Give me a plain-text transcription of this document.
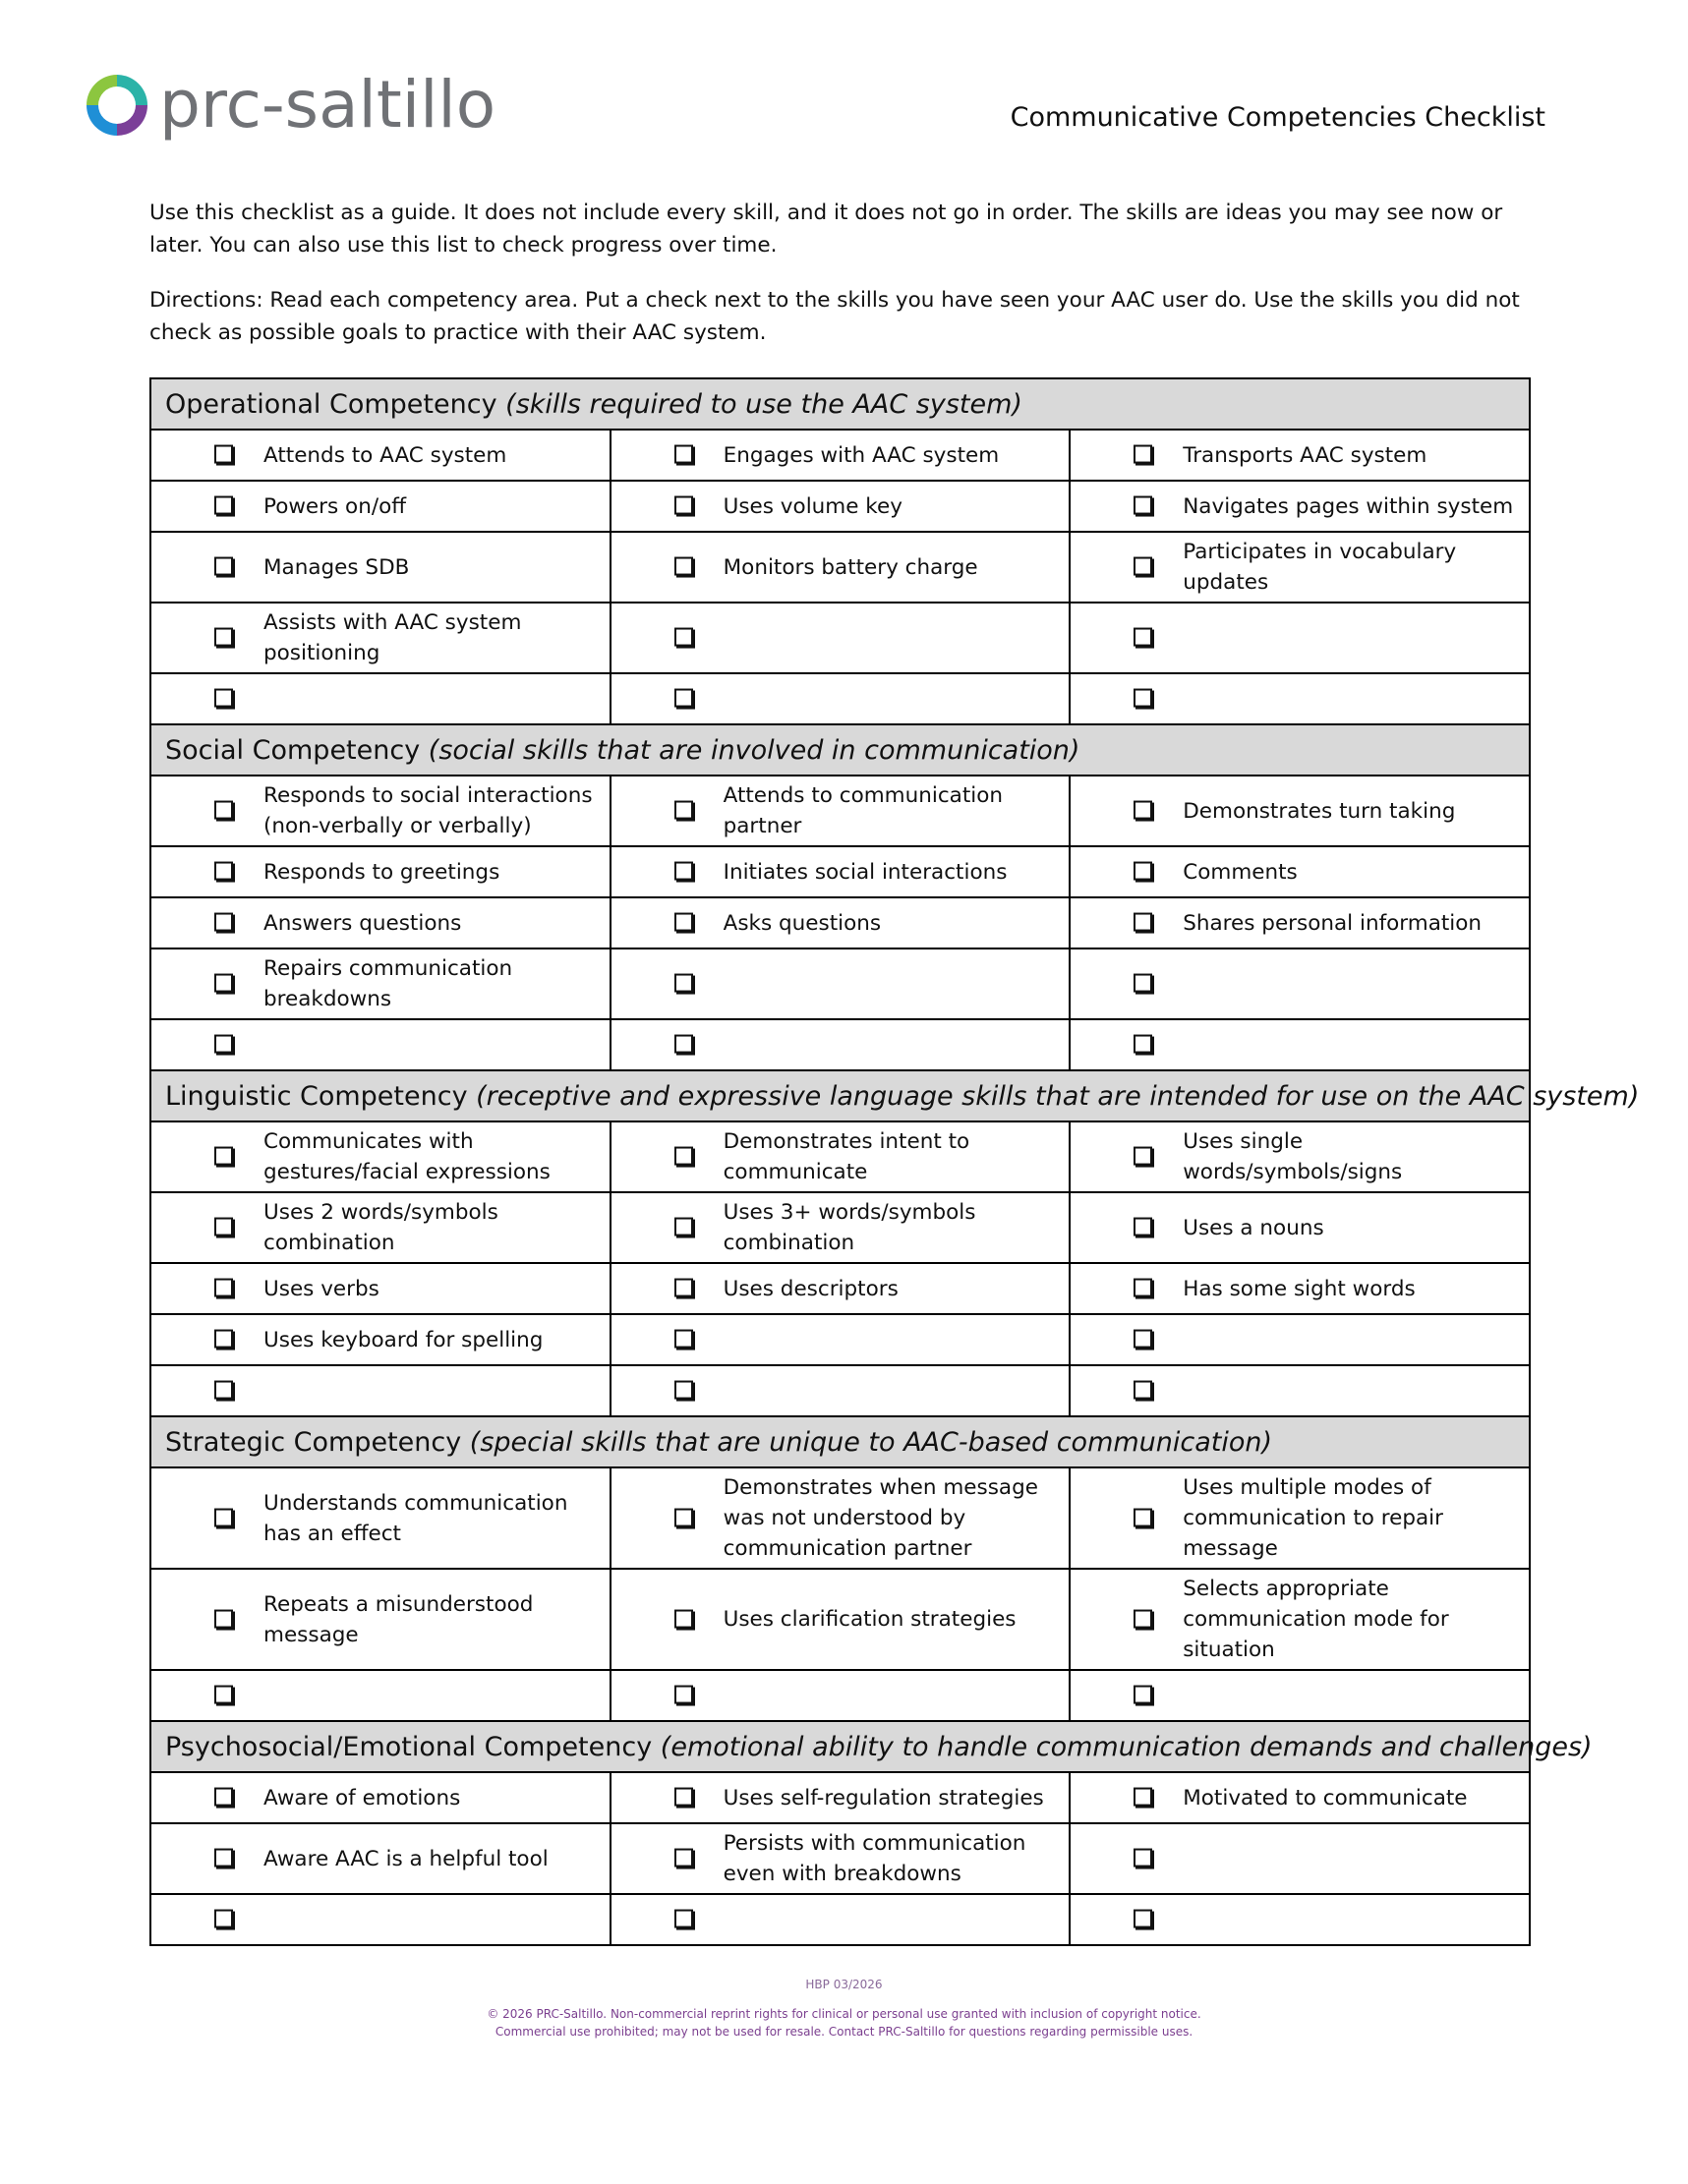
prc-saltillo	Communicative Competencies Checklist

Use this checklist as a guide. It does not include every skill, and it does not go in order. The skills are ideas you may see now or later. You can also use this list to check progress over time.

Directions: Read each competency area. Put a check next to the skills you have seen your AAC user do. Use the skills you did not check as possible goals to practice with their AAC system.

Operational Competency (skills required to use the AAC system)		

Attends to AAC system	Engages with AAC system	Transports AAC system

Powers on/off	Uses volume key	Navigates pages within system

Manages SDB	Monitors battery charge	Participates in vocabulary updates

Assists with AAC system positioning		

Social Competency (social skills that are involved in communication)		

Responds to social interactions (non-verbally or verbally)	Attends to communication partner	Demonstrates turn taking

Responds to greetings	Initiates social interactions	Comments

Answers questions	Asks questions	Shares personal information

Repairs communication breakdowns		

Linguistic Competency (receptive and expressive language skills that are intended for use on the AAC system)		

Communicates with gestures/facial expressions	Demonstrates intent to communicate	Uses single words/symbols/signs

Uses 2 words/symbols combination	Uses 3+ words/symbols combination	Uses a nouns

Uses verbs	Uses descriptors	Has some sight words

Uses keyboard for spelling		

Strategic Competency (special skills that are unique to AAC-based communication)		

Understands communication has an effect	Demonstrates when message was not understood by communication partner	Uses multiple modes of communication to repair message

Repeats a misunderstood message	Uses clarification strategies	Selects appropriate communication mode for situation

Psychosocial/Emotional Competency (emotional ability to handle communication demands and challenges)		

Aware of emotions	Uses self-regulation strategies	Motivated to communicate

Aware AAC is a helpful tool	Persists with communication even with breakdowns	

HBP 03/2026
© 2026 PRC-Saltillo. Non-commercial reprint rights for clinical or personal use granted with inclusion of copyright notice.
Commercial use prohibited; may not be used for resale. Contact PRC-Saltillo for questions regarding permissible uses.
